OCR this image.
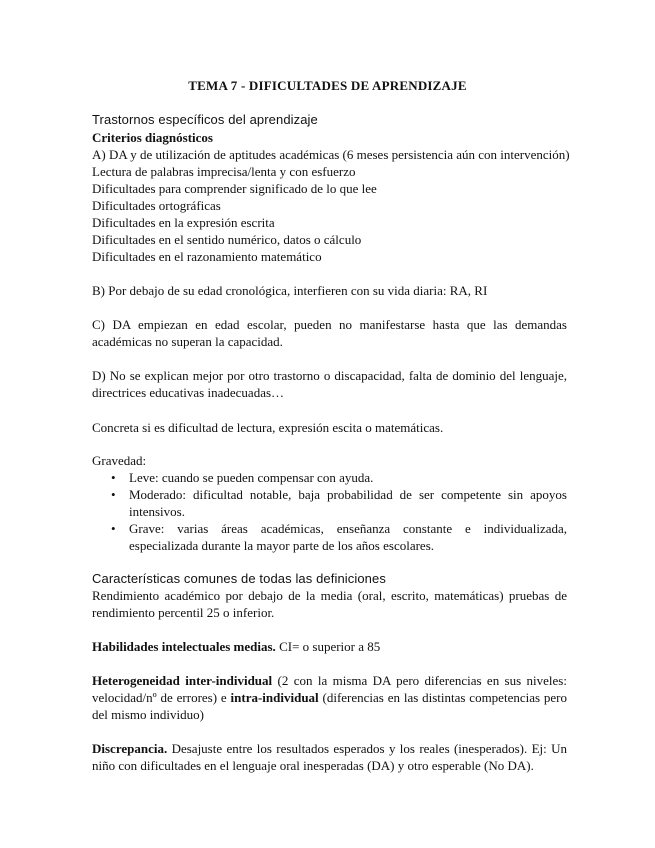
TEMA 7 - DIFICULTADES DE APRENDIZAJE
Trastornos específicos del aprendizaje
Criterios diagnósticos
A) DA y de utilización de aptitudes académicas (6 meses persistencia aún con intervención)
Lectura de palabras imprecisa/lenta y con esfuerzo
Dificultades para comprender significado de lo que lee
Dificultades ortográficas
Dificultades en la expresión escrita
Dificultades en el sentido numérico, datos o cálculo
Dificultades en el razonamiento matemático
B) Por debajo de su edad cronológica, interfieren con su vida diaria: RA, RI
C) DA empiezan en edad escolar, pueden no manifestarse hasta que las demandas académicas no superan la capacidad.
D) No se explican mejor por otro trastorno o discapacidad, falta de dominio del lenguaje, directrices educativas inadecuadas…
Concreta si es dificultad de lectura, expresión escita o matemáticas.
Gravedad:
• Leve: cuando se pueden compensar con ayuda.
• Moderado: dificultad notable, baja probabilidad de ser competente sin apoyos intensivos.
• Grave: varias áreas académicas, enseñanza constante e individualizada, especializada durante la mayor parte de los años escolares.
Características comunes de todas las definiciones
Rendimiento académico por debajo de la media (oral, escrito, matemáticas) pruebas de rendimiento percentil 25 o inferior.
Habilidades intelectuales medias. CI= o superior a 85
Heterogeneidad inter-individual (2 con la misma DA pero diferencias en sus niveles: velocidad/nº de errores) e intra-individual (diferencias en las distintas competencias pero del mismo individuo)
Discrepancia. Desajuste entre los resultados esperados y los reales (inesperados). Ej: Un niño con dificultades en el lenguaje oral inesperadas (DA) y otro esperable (No DA).
